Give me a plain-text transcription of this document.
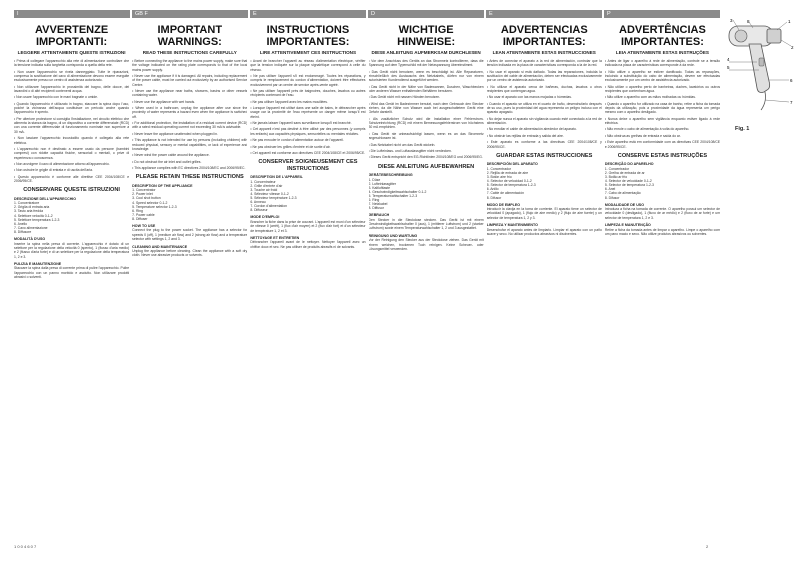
I	GB F	E	D	E	P
AVVERTENZE IMPORTANTI:
LEGGERE ATTENTAMENTE QUESTE ISTRUZIONI
• Prima di collegare l'apparecchio alla rete di alimentazione controllare che la tensione indicata sulla targhetta corrisponda a quella della rete.
• Non usare l'apparecchio se rivela danneggiato. Tutte le riparazioni, compresa la sostituzione del cavo di alimentazione devono essere eseguite esclusivamente presso un centro di assistenza autorizzato.
• Non utilizzare l'apparecchio in prossimità del bagno, delle docce, dei lavandini o di altri recipienti contenenti acqua.
• Non usare l'apparecchio con le mani bagnate o umide.
• Quando l'apparecchio è utilizzato in bagno, staccare la spina dopo l'uso, poiché la vicinanza dell'acqua costituisce un pericolo anche quando l'apparecchio è spento.
• Per ulteriore protezione si consiglia l'installazione, nel circuito elettrico che alimenta la stanza da bagno, di un dispositivo a corrente differenziale (RCD) con una corrente differenziale di funzionamento nominale non superiore a 30 mA.
• Non lasciare l'apparecchio incustodito quando è collegato alla rete elettrica.
• L'apparecchio non è destinato a essere usato da persone (bambini compresi) con ridotte capacità fisiche, sensoriali o mentali, o prive di esperienza o conoscenza.
• Non avvolgere il cavo di alimentazione attorno all'apparecchio.
• Non ostruire le griglie di entrata e di uscita dell'aria.
• Questo apparecchio è conforme alle direttive CEE 2004/108/CE e 2006/95/CE.
CONSERVARE QUESTE ISTRUZIONI
DESCRIZIONE DELL'APPARECCHIO
1. Concentratore
2. Griglia di entrata aria
3. Tasto aria fredda
4. Selettore velocità 0-1-2
5. Selettore temperatura 1-2-3
6. Anello
7. Cavo alimentazione
8. Diffusore
MODALITÀ D'USO
Inserire la spina nella presa di corrente. L'apparecchio è dotato di un selettore per la regolazione della velocità 0 (spento), 1 (flusso d'aria medio) e 2 (flusso d'aria forte) e di un selettore per la regolazione della temperatura 1, 2 e 3.
PULIZIA E MANUTENZIONE
Staccare la spina dalla presa di corrente prima di pulire l'apparecchio. Pulire l'apparecchio con un panno morbido e asciutto. Non utilizzare prodotti abrasivi o solventi.
IMPORTANT WARNINGS:
READ THESE INSTRUCTIONS CAREFULLY
• Before connecting the appliance to the mains power supply, make sure that the voltage indicated on the rating plate corresponds to that of the local mains power supply.
• Never use the appliance if it is damaged. All repairs, including replacement of the power cable, must be carried out exclusively by an authorised Service Centre.
• Never use the appliance near baths, showers, basins or other vessels containing water.
• Never use the appliance with wet hands.
• When used in a bathroom, unplug the appliance after use since the proximity of water represents a hazard even when the appliance is switched off.
• For additional protection, the installation of a residual current device (RCD) with a rated residual operating current not exceeding 30 mA is advisable.
• Never leave the appliance unattended when plugged in.
• This appliance is not intended for use by persons (including children) with reduced physical, sensory or mental capabilities, or lack of experience and knowledge.
• Never wind the power cable around the appliance.
• Do not obstruct the air inlet and outlet grilles.
• This appliance complies with EC directives 2004/108/EC and 2006/95/EC.
PLEASE RETAIN THESE INSTRUCTIONS
DESCRIPTION OF THE APPLIANCE
1. Concentrator
2. Power inlet
3. Cool shot button
4. Speed selector 0-1-2
5. Temperature selector 1-2-3
6. Ring
7. Power cable
8. Diffuser
HOW TO USE
Connect the plug to the power socket. The appliance has a selector for speeds 0 (off), 1 (medium air flow) and 2 (strong air flow) and a temperature selector with settings 1, 2 and 3.
CLEANING AND MAINTENANCE
Unplug the appliance before cleaning. Clean the appliance with a soft dry cloth. Never use abrasive products or solvents.
INSTRUCTIONS IMPORTANTES:
LIRE ATTENTIVEMENT CES INSTRUCTIONS
• Avant de brancher l'appareil au réseau d'alimentation électrique, vérifier que la tension indiquée sur la plaque signalétique correspond à celle du réseau.
• Ne pas utiliser l'appareil s'il est endommagé. Toutes les réparations, y compris le remplacement du cordon d'alimentation, doivent être effectuées exclusivement par un centre de service après-vente agréé.
• Ne pas utiliser l'appareil près de baignoires, douches, lavabos ou autres récipients contenant de l'eau.
• Ne pas utiliser l'appareil avec les mains mouillées.
• Lorsque l'appareil est utilisé dans une salle de bains, le débrancher après usage car la proximité de l'eau représente un danger même lorsqu'il est éteint.
• Ne jamais laisser l'appareil sans surveillance lorsqu'il est branché.
• Cet appareil n'est pas destiné à être utilisé par des personnes (y compris les enfants) aux capacités physiques, sensorielles ou mentales réduites.
• Ne pas enrouler le cordon d'alimentation autour de l'appareil.
• Ne pas obstruer les grilles d'entrée et de sortie d'air.
• Cet appareil est conforme aux directives CEE 2004/108/CE et 2006/95/CE.
CONSERVER SOIGNEUSEMENT CES INSTRUCTIONS
DESCRIPTION DE L'APPAREIL
1. Concentrateur
2. Grille d'entrée d'air
3. Touche air froid
4. Sélecteur vitesse 0-1-2
5. Sélecteur température 1-2-3
6. Anneau
7. Cordon d'alimentation
8. Diffuseur
MODE D'EMPLOI
Brancher la fiche dans la prise de courant. L'appareil est muni d'un sélecteur de vitesse 0 (arrêt), 1 (flux d'air moyen) et 2 (flux d'air fort) et d'un sélecteur de température 1, 2 et 3.
NETTOYAGE ET ENTRETIEN
Débrancher l'appareil avant de le nettoyer. Nettoyer l'appareil avec un chiffon doux et sec. Ne pas utiliser de produits abrasifs ni de solvants.
WICHTIGE HINWEISE:
DIESE ANLEITUNG AUFMERKSAM DURCHLESEN
• Vor dem Anschluss des Geräts an das Stromnetz kontrollieren, dass die Spannung auf dem Typenschild mit der Netzspannung übereinstimmt.
• Das Gerät nicht benutzen, wenn es beschädigt ist. Alle Reparaturen, einschließlich des Austauschs des Netzkabels, dürfen nur von einem autorisierten Kundendienst ausgeführt werden.
• Das Gerät nicht in der Nähe von Badewannen, Duschen, Waschbecken oder anderen Wasser enthaltenden Behältern benutzen.
• Das Gerät nicht mit nassen Händen benutzen.
• Wird das Gerät im Badezimmer benutzt, nach dem Gebrauch den Stecker ziehen, da die Nähe von Wasser auch bei ausgeschaltetem Gerät eine Gefahr darstellt.
• Als zusätzlicher Schutz wird die Installation einer Fehlerstrom-Schutzeinrichtung (RCD) mit einem Bemessungsfehlerstrom von höchstens 30 mA empfohlen.
• Das Gerät nie unbeaufsichtigt lassen, wenn es an das Stromnetz angeschlossen ist.
• Das Netzkabel nicht um das Gerät wickeln.
• Die Lufteinlass- und Luftauslassgitter nicht verdecken.
• Dieses Gerät entspricht den EG-Richtlinien 2004/108/EG und 2006/95/EG.
DIESE ANLEITUNG AUFBEWAHREN
GERÄTEBESCHREIBUNG
1. Düse
2. Lufteinlassgitter
3. Kaltlufttaste
4. Geschwindigkeitswahlschalter 0-1-2
5. Temperaturwahlschalter 1-2-3
6. Ring
7. Netzkabel
8. Diffusor
GEBRAUCH
Den Stecker in die Steckdose stecken. Das Gerät ist mit einem Geschwindigkeitswahlschalter 0 (aus), 1 (mittlerer Luftstrom) und 2 (starker Luftstrom) sowie einem Temperaturwahlschalter 1, 2 und 3 ausgestattet.
REINIGUNG UND WARTUNG
Vor der Reinigung den Stecker aus der Steckdose ziehen. Das Gerät mit einem weichen, trockenen Tuch reinigen. Keine Scheuer- oder Lösungsmittel verwenden.
ADVERTENCIAS IMPORTANTES:
LEAN ATENTAMENTE ESTAS INSTRUCCIONES
• Antes de conectar el aparato a la red de alimentación, controlar que la tensión indicada en la placa de características corresponda a la de la red.
• No usar el aparato si está dañado. Todas las reparaciones, incluida la sustitución del cable de alimentación, deben ser efectuadas exclusivamente por un centro de asistencia autorizado.
• No utilizar el aparato cerca de bañeras, duchas, lavabos u otros recipientes que contengan agua.
• No usar el aparato con las manos mojadas o húmedas.
• Cuando el aparato se utiliza en el cuarto de baño, desenchufarlo después de su uso, pues la proximidad del agua representa un peligro incluso con el aparato apagado.
• No dejar nunca el aparato sin vigilancia cuando esté conectado a la red de alimentación.
• No enrollar el cable de alimentación alrededor del aparato.
• No obstruir las rejillas de entrada y salida del aire.
• Este aparato es conforme a las directivas CEE 2004/108/CE y 2006/95/CE.
GUARDAR ESTAS INSTRUCCIONES
DESCRIPCIÓN DEL APARATO
1. Concentrador
2. Rejilla de entrada de aire
3. Botón aire frío
4. Selector de velocidad 0-1-2
5. Selector de temperatura 1-2-3
6. Anillo
7. Cable de alimentación
8. Difusor
MODO DE EMPLEO
Introducir la clavija en la toma de corriente. El aparato tiene un selector de velocidad 0 (apagado), 1 (flujo de aire medio) y 2 (flujo de aire fuerte) y un selector de temperatura 1, 2 y 3.
LIMPIEZA Y MANTENIMIENTO
Desenchufar el aparato antes de limpiarlo. Limpiar el aparato con un paño suave y seco. No utilizar productos abrasivos ni disolventes.
ADVERTÊNCIAS IMPORTANTES:
LEIA ATENTAMENTE ESTAS INSTRUÇÕES
• Antes de ligar o aparelho à rede de alimentação, controle se a tensão indicada na placa de características corresponde à da rede.
• Não utilize o aparelho se estiver danificado. Todas as reparações, incluindo a substituição do cabo de alimentação, devem ser efectuadas exclusivamente por um centro de assistência autorizado.
• Não utilize o aparelho perto de banheiras, duches, lavatórios ou outros recipientes que contenham água.
• Não utilize o aparelho com as mãos molhadas ou húmidas.
• Quando o aparelho for utilizado na casa de banho, retire a ficha da tomada depois da utilização, pois a proximidade da água representa um perigo mesmo com o aparelho desligado.
• Nunca deixe o aparelho sem vigilância enquanto estiver ligado à rede eléctrica.
• Não enrole o cabo de alimentação à volta do aparelho.
• Não obstrua as grelhas de entrada e saída do ar.
• Este aparelho está em conformidade com as directivas CEE 2004/108/CE e 2006/95/CE.
CONSERVE ESTAS INSTRUÇÕES
DESCRIÇÃO DO APARELHO
1. Concentrador
2. Grelha de entrada de ar
3. Botão ar frio
4. Selector de velocidade 0-1-2
5. Selector de temperatura 1-2-3
6. Anel
7. Cabo de alimentação
8. Difusor
MODALIDADE DE USO
Introduza a ficha na tomada de corrente. O aparelho possui um selector de velocidade 0 (desligado), 1 (fluxo de ar médio) e 2 (fluxo de ar forte) e um selector de temperatura 1, 2 e 3.
LIMPEZA E MANUTENÇÃO
Retire a ficha da tomada antes de limpar o aparelho. Limpe o aparelho com um pano macio e seco. Não utilize produtos abrasivos ou solventes.
1
2
3
4
5
6
7
8
Fig. 1
1 0 0 4 6 0 7	2
